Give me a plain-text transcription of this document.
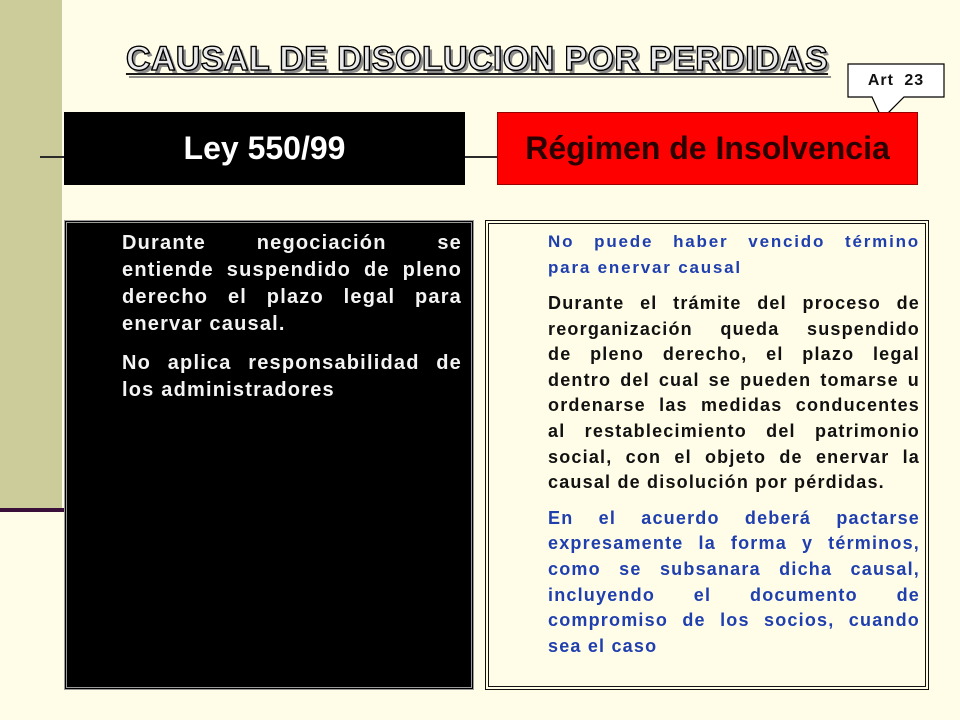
CAUSAL DE DISOLUCION POR PERDIDAS
Art 23
Ley 550/99	Régimen de Insolvencia
Durante negociación se
entiende suspendido de pleno
derecho el plazo legal para
enervar causal.
No aplica responsabilidad de
los administradores
No puede haber vencido término
para enervar causal
Durante el trámite del proceso de
reorganización queda suspendido
de pleno derecho, el plazo legal
dentro del cual se pueden tomarse u
ordenarse las medidas conducentes
al restablecimiento del patrimonio
social, con el objeto de enervar la
causal de disolución por pérdidas.
En el acuerdo deberá pactarse
expresamente la forma y términos,
como se subsanara dicha causal,
incluyendo el documento de
compromiso de los socios, cuando
sea el caso
